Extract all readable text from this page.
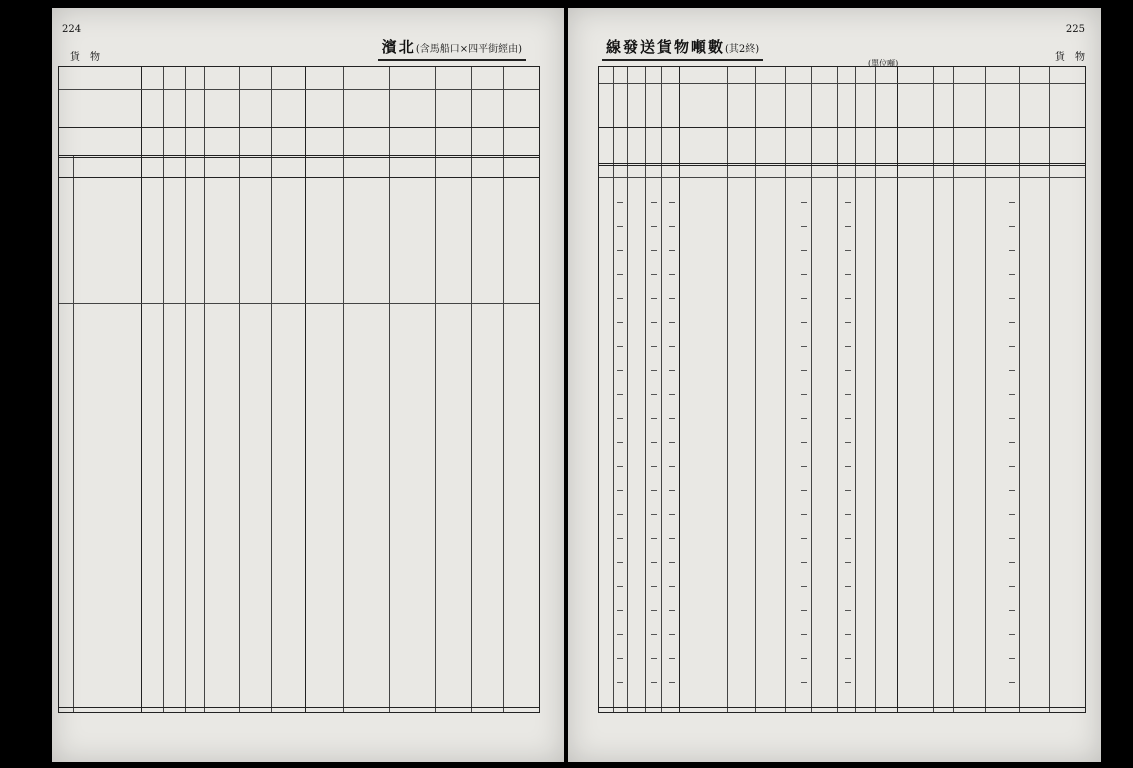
224
貨　物
濱北(含馬船口×四平街經由)
225
貨　物
線發送貨物噸數(其2終)
(單位噸)
